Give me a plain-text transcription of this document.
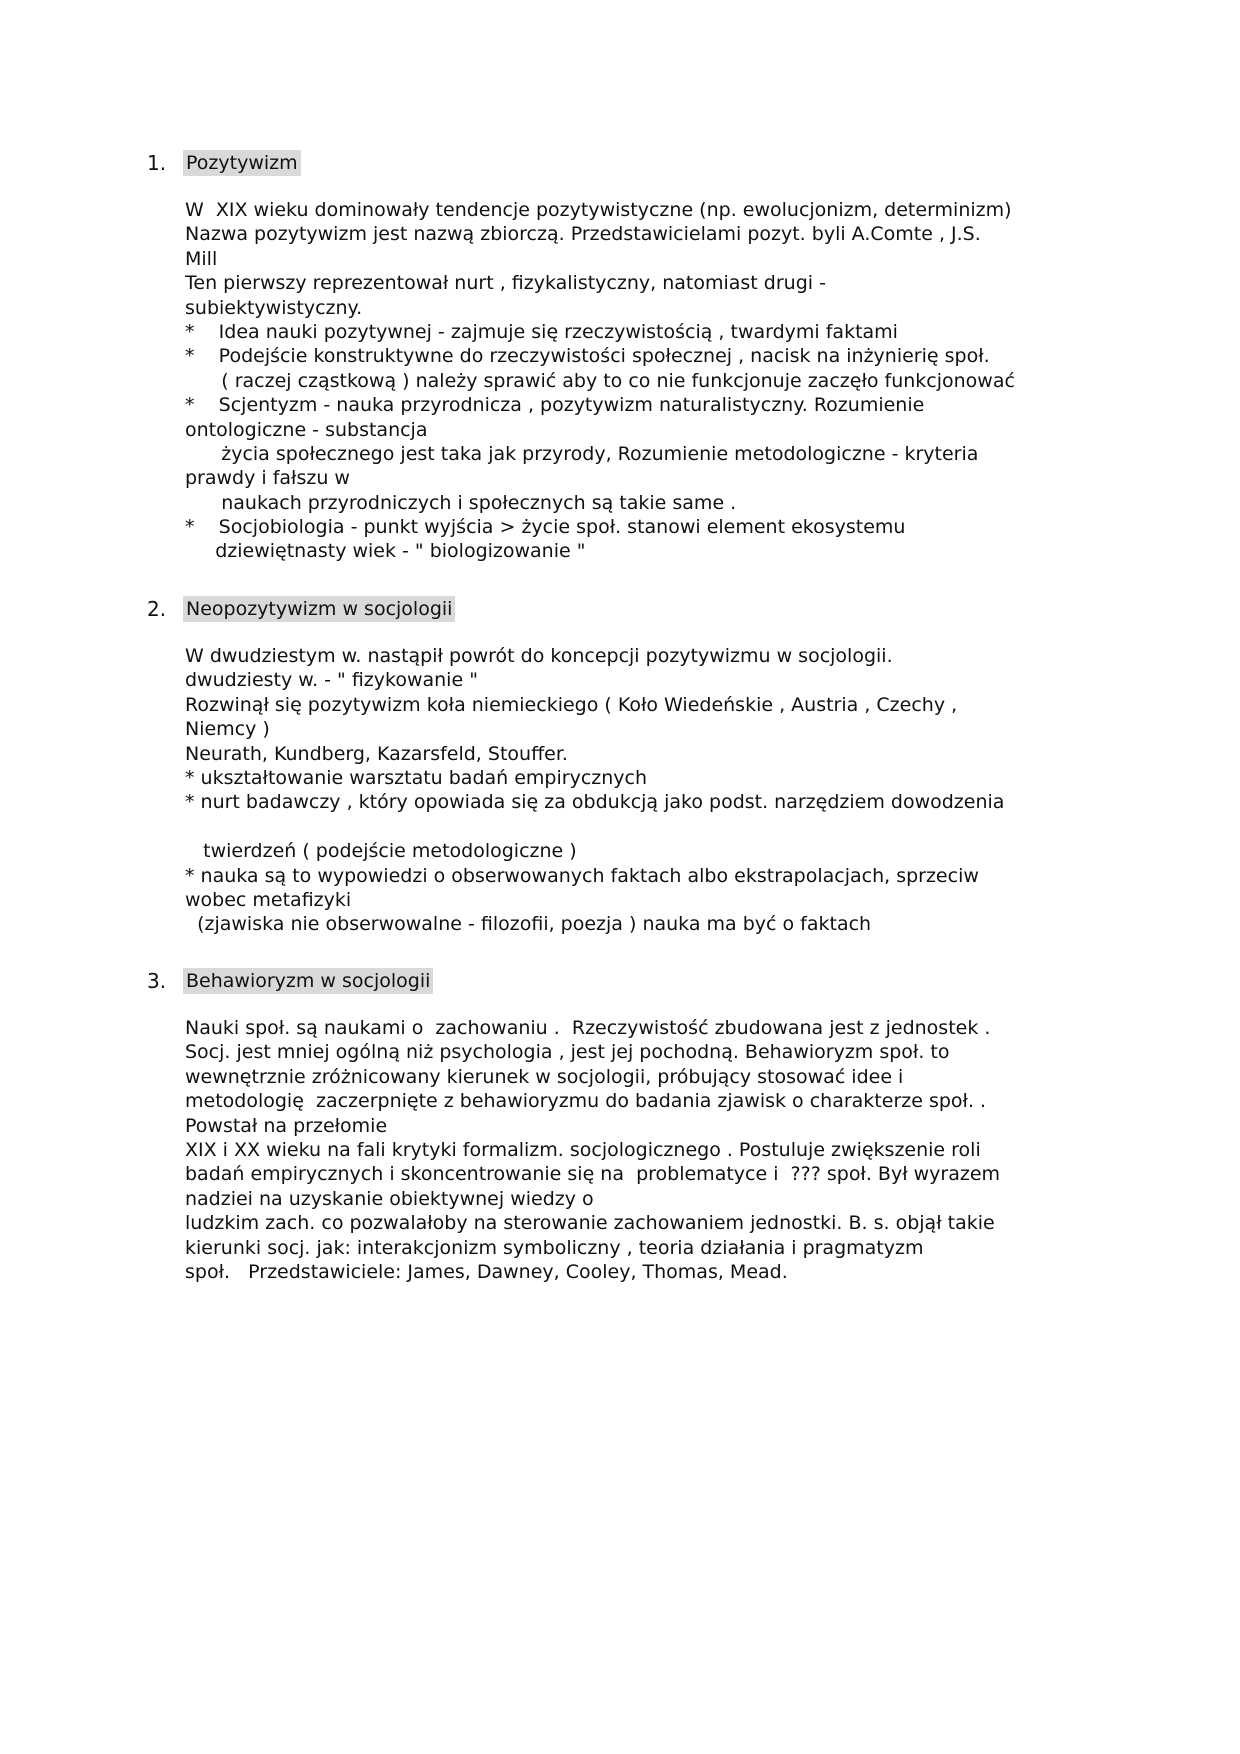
1. Pozytywizm
W  XIX wieku dominowały tendencje pozytywistyczne (np. ewolucjonizm, determinizm)
Nazwa pozytywizm jest nazwą zbiorczą. Przedstawicielami pozyt. byli A.Comte , J.S.
Mill
Ten pierwszy reprezentował nurt , fizykalistyczny, natomiast drugi -
subiektywistyczny.
*    Idea nauki pozytywnej - zajmuje się rzeczywistością , twardymi faktami
*    Podejście konstruktywne do rzeczywistości społecznej , nacisk na inżynierię społ.
( raczej cząstkową ) należy sprawić aby to co nie funkcjonuje zaczęło funkcjonować
*    Scjentyzm - nauka przyrodnicza , pozytywizm naturalistyczny. Rozumienie
ontologiczne - substancja
życia społecznego jest taka jak przyrody, Rozumienie metodologiczne - kryteria
prawdy i fałszu w
naukach przyrodniczych i społecznych są takie same .
*    Socjobiologia - punkt wyjścia > życie społ. stanowi element ekosystemu
dziewiętnasty wiek - " biologizowanie "
2. Neopozytywizm w socjologii
W dwudziestym w. nastąpił powrót do koncepcji pozytywizmu w socjologii.
dwudziesty w. - " fizykowanie "
Rozwinął się pozytywizm koła niemieckiego ( Koło Wiedeńskie , Austria , Czechy ,
Niemcy )
Neurath, Kundberg, Kazarsfeld, Stouffer.
* ukształtowanie warsztatu badań empirycznych
* nurt badawczy , który opowiada się za obdukcją jako podst. narzędziem dowodzenia
twierdzeń ( podejście metodologiczne )
* nauka są to wypowiedzi o obserwowanych faktach albo ekstrapolacjach, sprzeciw
wobec metafizyki
(zjawiska nie obserwowalne - filozofii, poezja ) nauka ma być o faktach
3. Behawioryzm w socjologii
Nauki społ. są naukami o  zachowaniu .  Rzeczywistość zbudowana jest z jednostek .
Socj. jest mniej ogólną niż psychologia , jest jej pochodną. Behawioryzm społ. to
wewnętrznie zróżnicowany kierunek w socjologii, próbujący stosować idee i
metodologię  zaczerpnięte z behawioryzmu do badania zjawisk o charakterze społ. .
Powstał na przełomie
XIX i XX wieku na fali krytyki formalizm. socjologicznego . Postuluje zwiększenie roli
badań empirycznych i skoncentrowanie się na  problematyce i  ??? społ. Był wyrazem
nadziei na uzyskanie obiektywnej wiedzy o
ludzkim zach. co pozwalałoby na sterowanie zachowaniem jednostki. B. s. objął takie
kierunki socj. jak: interakcjonizm symboliczny , teoria działania i pragmatyzm
społ.   Przedstawiciele: James, Dawney, Cooley, Thomas, Mead.
